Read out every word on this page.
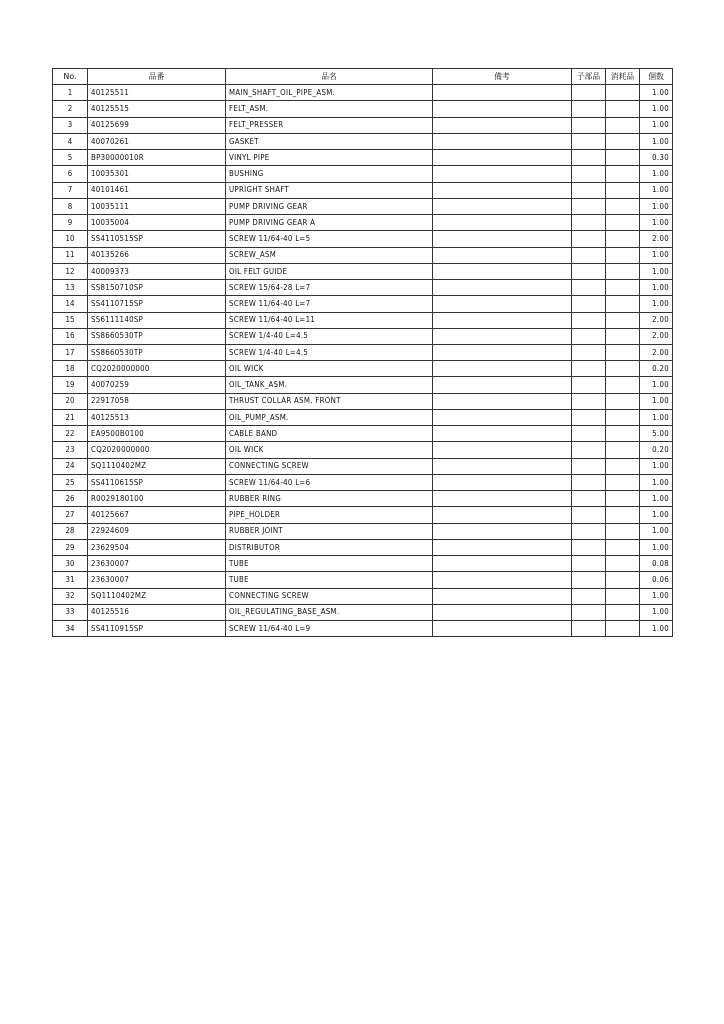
No.	品番	品名	備考	子部品	消耗品	個数
1	40125511	MAIN_SHAFT_OIL_PIPE_ASM.				1.00
2	40125515	FELT_ASM.				1.00
3	40125699	FELT_PRESSER				1.00
4	40070261	GASKET				1.00
5	BP30000010R	VINYL PIPE				0.30
6	10035301	BUSHING				1.00
7	40101461	UPRIGHT SHAFT				1.00
8	10035111	PUMP DRIVING GEAR				1.00
9	10035004	PUMP DRIVING GEAR A				1.00
10	SS4110515SP	SCREW 11/64-40 L=5				2.00
11	40135266	SCREW_ASM				1.00
12	40009373	OIL FELT GUIDE				1.00
13	SS8150710SP	SCREW 15/64-28 L=7				1.00
14	SS4110715SP	SCREW 11/64-40 L=7				1.00
15	SS6111140SP	SCREW 11/64-40 L=11				2.00
16	SS8660530TP	SCREW 1/4-40 L=4.5				2.00
17	SS8660530TP	SCREW 1/4-40 L=4.5				2.00
18	CQ2020000000	OIL WICK				0.20
19	40070259	OIL_TANK_ASM.				1.00
20	22917058	THRUST COLLAR ASM. FRONT				1.00
21	40125513	OIL_PUMP_ASM.				1.00
22	EA9500B0100	CABLE BAND				5.00
23	CQ2020000000	OIL WICK				0.20
24	SQ1110402MZ	CONNECTING SCREW				1.00
25	SS4110615SP	SCREW 11/64-40 L=6				1.00
26	R0029180100	RUBBER RING				1.00
27	40125667	PIPE_HOLDER				1.00
28	22924609	RUBBER JOINT				1.00
29	23629504	DISTRIBUTOR				1.00
30	23630007	TUBE				0.08
31	23630007	TUBE				0.06
32	SQ1110402MZ	CONNECTING SCREW				1.00
33	40125516	OIL_REGULATING_BASE_ASM.				1.00
34	SS4110915SP	SCREW 11/64-40 L=9				1.00
